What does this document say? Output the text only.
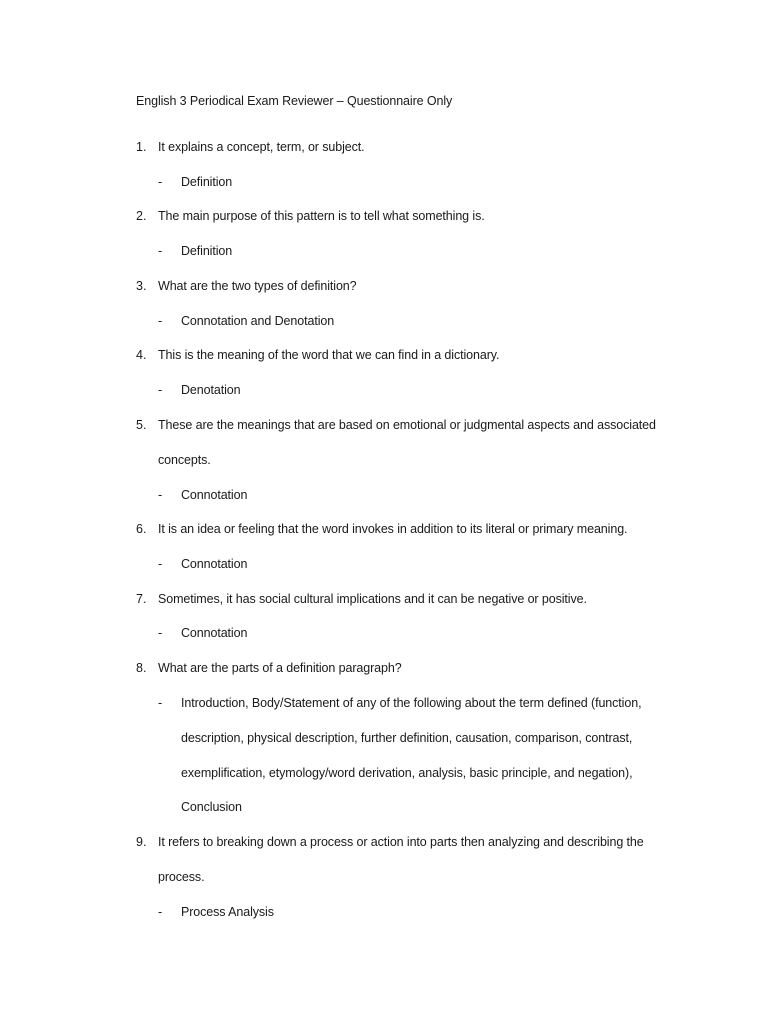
English 3 Periodical Exam Reviewer – Questionnaire Only
1. It explains a concept, term, or subject.
- Definition
2. The main purpose of this pattern is to tell what something is.
- Definition
3. What are the two types of definition?
- Connotation and Denotation
4. This is the meaning of the word that we can find in a dictionary.
- Denotation
5. These are the meanings that are based on emotional or judgmental aspects and associated
concepts.
- Connotation
6. It is an idea or feeling that the word invokes in addition to its literal or primary meaning.
- Connotation
7. Sometimes, it has social cultural implications and it can be negative or positive.
- Connotation
8. What are the parts of a definition paragraph?
- Introduction, Body/Statement of any of the following about the term defined (function,
description, physical description, further definition, causation, comparison, contrast,
exemplification, etymology/word derivation, analysis, basic principle, and negation),
Conclusion
9. It refers to breaking down a process or action into parts then analyzing and describing the
process.
- Process Analysis
